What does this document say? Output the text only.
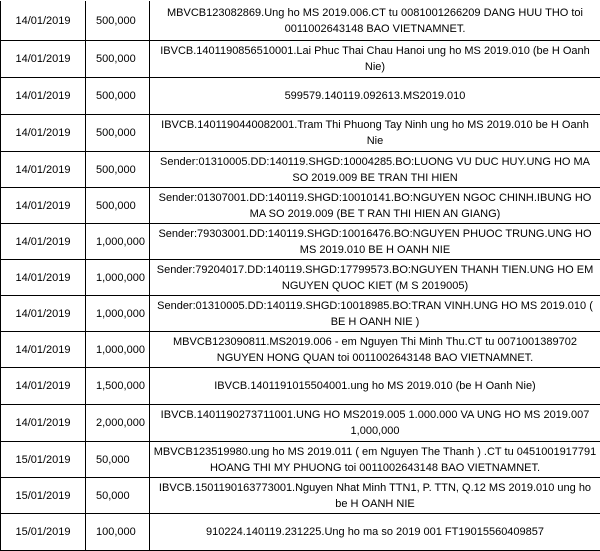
14/01/2019	500,000	MBVCB123082869.Ung ho MS 2019.006.CT tu 0081001266209 DANG HUU THO toi 0011002643148 BAO VIETNAMNET.
14/01/2019	500,000	IBVCB.1401190856510001.Lai Phuc Thai Chau Hanoi ung ho MS 2019.010 (be H Oanh Nie)
14/01/2019	500,000	599579.140119.092613.MS2019.010
14/01/2019	500,000	IBVCB.1401190440082001.Tram Thi Phuong Tay Ninh ung ho MS 2019.010 be H Oanh Nie
14/01/2019	500,000	Sender:01310005.DD:140119.SHGD:10004285.BO:LUONG VU DUC HUY.UNG HO MA SO 2019.009 BE TRAN THI HIEN
14/01/2019	500,000	Sender:01307001.DD:140119.SHGD:10010141.BO:NGUYEN NGOC CHINH.IBUNG HO MA SO 2019.009 (BE T RAN THI HIEN AN GIANG)
14/01/2019	1,000,000	Sender:79303001.DD:140119.SHGD:10016476.BO:NGUYEN PHUOC TRUNG.UNG HO MS 2019.010 BE H OANH NIE
14/01/2019	1,000,000	Sender:79204017.DD:140119.SHGD:17799573.BO:NGUYEN THANH TIEN.UNG HO EM NGUYEN QUOC KIET (M S 2019005)
14/01/2019	1,000,000	Sender:01310005.DD:140119.SHGD:10018985.BO:TRAN VINH.UNG HO MS 2019.010 ( BE H OANH NIE )
14/01/2019	1,000,000	MBVCB123090811.MS2019.006 - em Nguyen Thi Minh Thu.CT tu 0071001389702 NGUYEN HONG QUAN toi 0011002643148 BAO VIETNAMNET.
14/01/2019	1,500,000	IBVCB.1401191015504001.ung ho MS 2019.010 (be H Oanh Nie)
14/01/2019	2,000,000	IBVCB.1401190273711001.UNG HO MS2019.005 1.000.000 VA UNG HO MS 2019.007 1,000,000
15/01/2019	50,000	MBVCB123519980.ung ho MS 2019.011 ( em Nguyen The Thanh ) .CT tu 0451001917791 HOANG THI MY PHUONG toi 0011002643148 BAO VIETNAMNET.
15/01/2019	50,000	IBVCB.1501190163773001.Nguyen Nhat Minh TTN1, P. TTN, Q.12 MS 2019.010 ung ho be H OANH NIE
15/01/2019	100,000	910224.140119.231225.Ung ho ma so 2019 001 FT19015560409857
